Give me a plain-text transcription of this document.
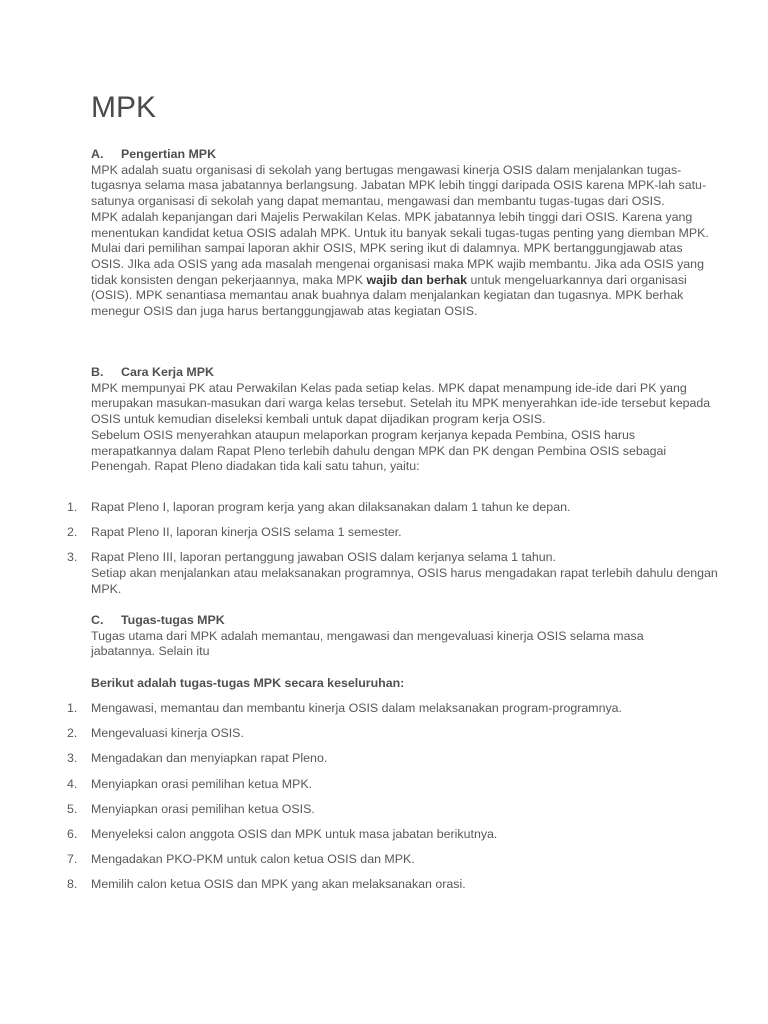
MPK
A. Pengertian MPK

MPK adalah suatu organisasi di sekolah yang bertugas mengawasi kinerja OSIS dalam menjalankan tugas-tugasnya selama masa jabatannya berlangsung. Jabatan MPK lebih tinggi daripada OSIS karena MPK-lah satu-satunya organisasi di sekolah yang dapat memantau, mengawasi dan membantu tugas-tugas dari OSIS.

MPK adalah kepanjangan dari Majelis Perwakilan Kelas. MPK jabatannya lebih tinggi dari OSIS. Karena yang menentukan kandidat ketua OSIS adalah MPK. Untuk itu banyak sekali tugas-tugas penting yang diemban MPK. Mulai dari pemilihan sampai laporan akhir OSIS, MPK sering ikut di dalamnya. MPK bertanggungjawab atas OSIS. JIka ada OSIS yang ada masalah mengenai organisasi maka MPK wajib membantu. Jika ada OSIS yang tidak konsisten dengan pekerjaannya, maka MPK wajib dan berhak untuk mengeluarkannya dari organisasi (OSIS). MPK senantiasa memantau anak buahnya dalam menjalankan kegiatan dan tugasnya. MPK berhak menegur OSIS dan juga harus bertanggungjawab atas kegiatan OSIS.

B. Cara Kerja MPK

MPK mempunyai PK atau Perwakilan Kelas pada setiap kelas. MPK dapat menampung ide-ide dari PK yang merupakan masukan-masukan dari warga kelas tersebut. Setelah itu MPK menyerahkan ide-ide tersebut kepada OSIS untuk kemudian diseleksi kembali untuk dapat dijadikan program kerja OSIS.

Sebelum OSIS menyerahkan ataupun melaporkan program kerjanya kepada Pembina, OSIS harus merapatkannya dalam Rapat Pleno terlebih dahulu dengan MPK dan PK dengan Pembina OSIS sebagai Penengah. Rapat Pleno diadakan tida kali satu tahun, yaitu:

1. Rapat Pleno I, laporan program kerja yang akan dilaksanakan dalam 1 tahun ke depan.
2. Rapat Pleno II, laporan kinerja OSIS selama 1 semester.
3. Rapat Pleno III, laporan pertanggung jawaban OSIS dalam kerjanya selama 1 tahun.
Setiap akan menjalankan atau melaksanakan programnya, OSIS harus mengadakan rapat terlebih dahulu dengan MPK.
C. Tugas-tugas MPK

Tugas utama dari MPK adalah memantau, mengawasi dan mengevaluasi kinerja OSIS selama masa jabatannya. Selain itu

Berikut adalah tugas-tugas MPK secara keseluruhan:
1. Mengawasi, memantau dan membantu kinerja OSIS dalam melaksanakan program-programnya.
2. Mengevaluasi kinerja OSIS.
3. Mengadakan dan menyiapkan rapat Pleno.
4. Menyiapkan orasi pemilihan ketua MPK.
5. Menyiapkan orasi pemilihan ketua OSIS.
6. Menyeleksi calon anggota OSIS dan MPK untuk masa jabatan berikutnya.
7. Mengadakan PKO-PKM untuk calon ketua OSIS dan MPK.
8. Memilih calon ketua OSIS dan MPK yang akan melaksanakan orasi.
